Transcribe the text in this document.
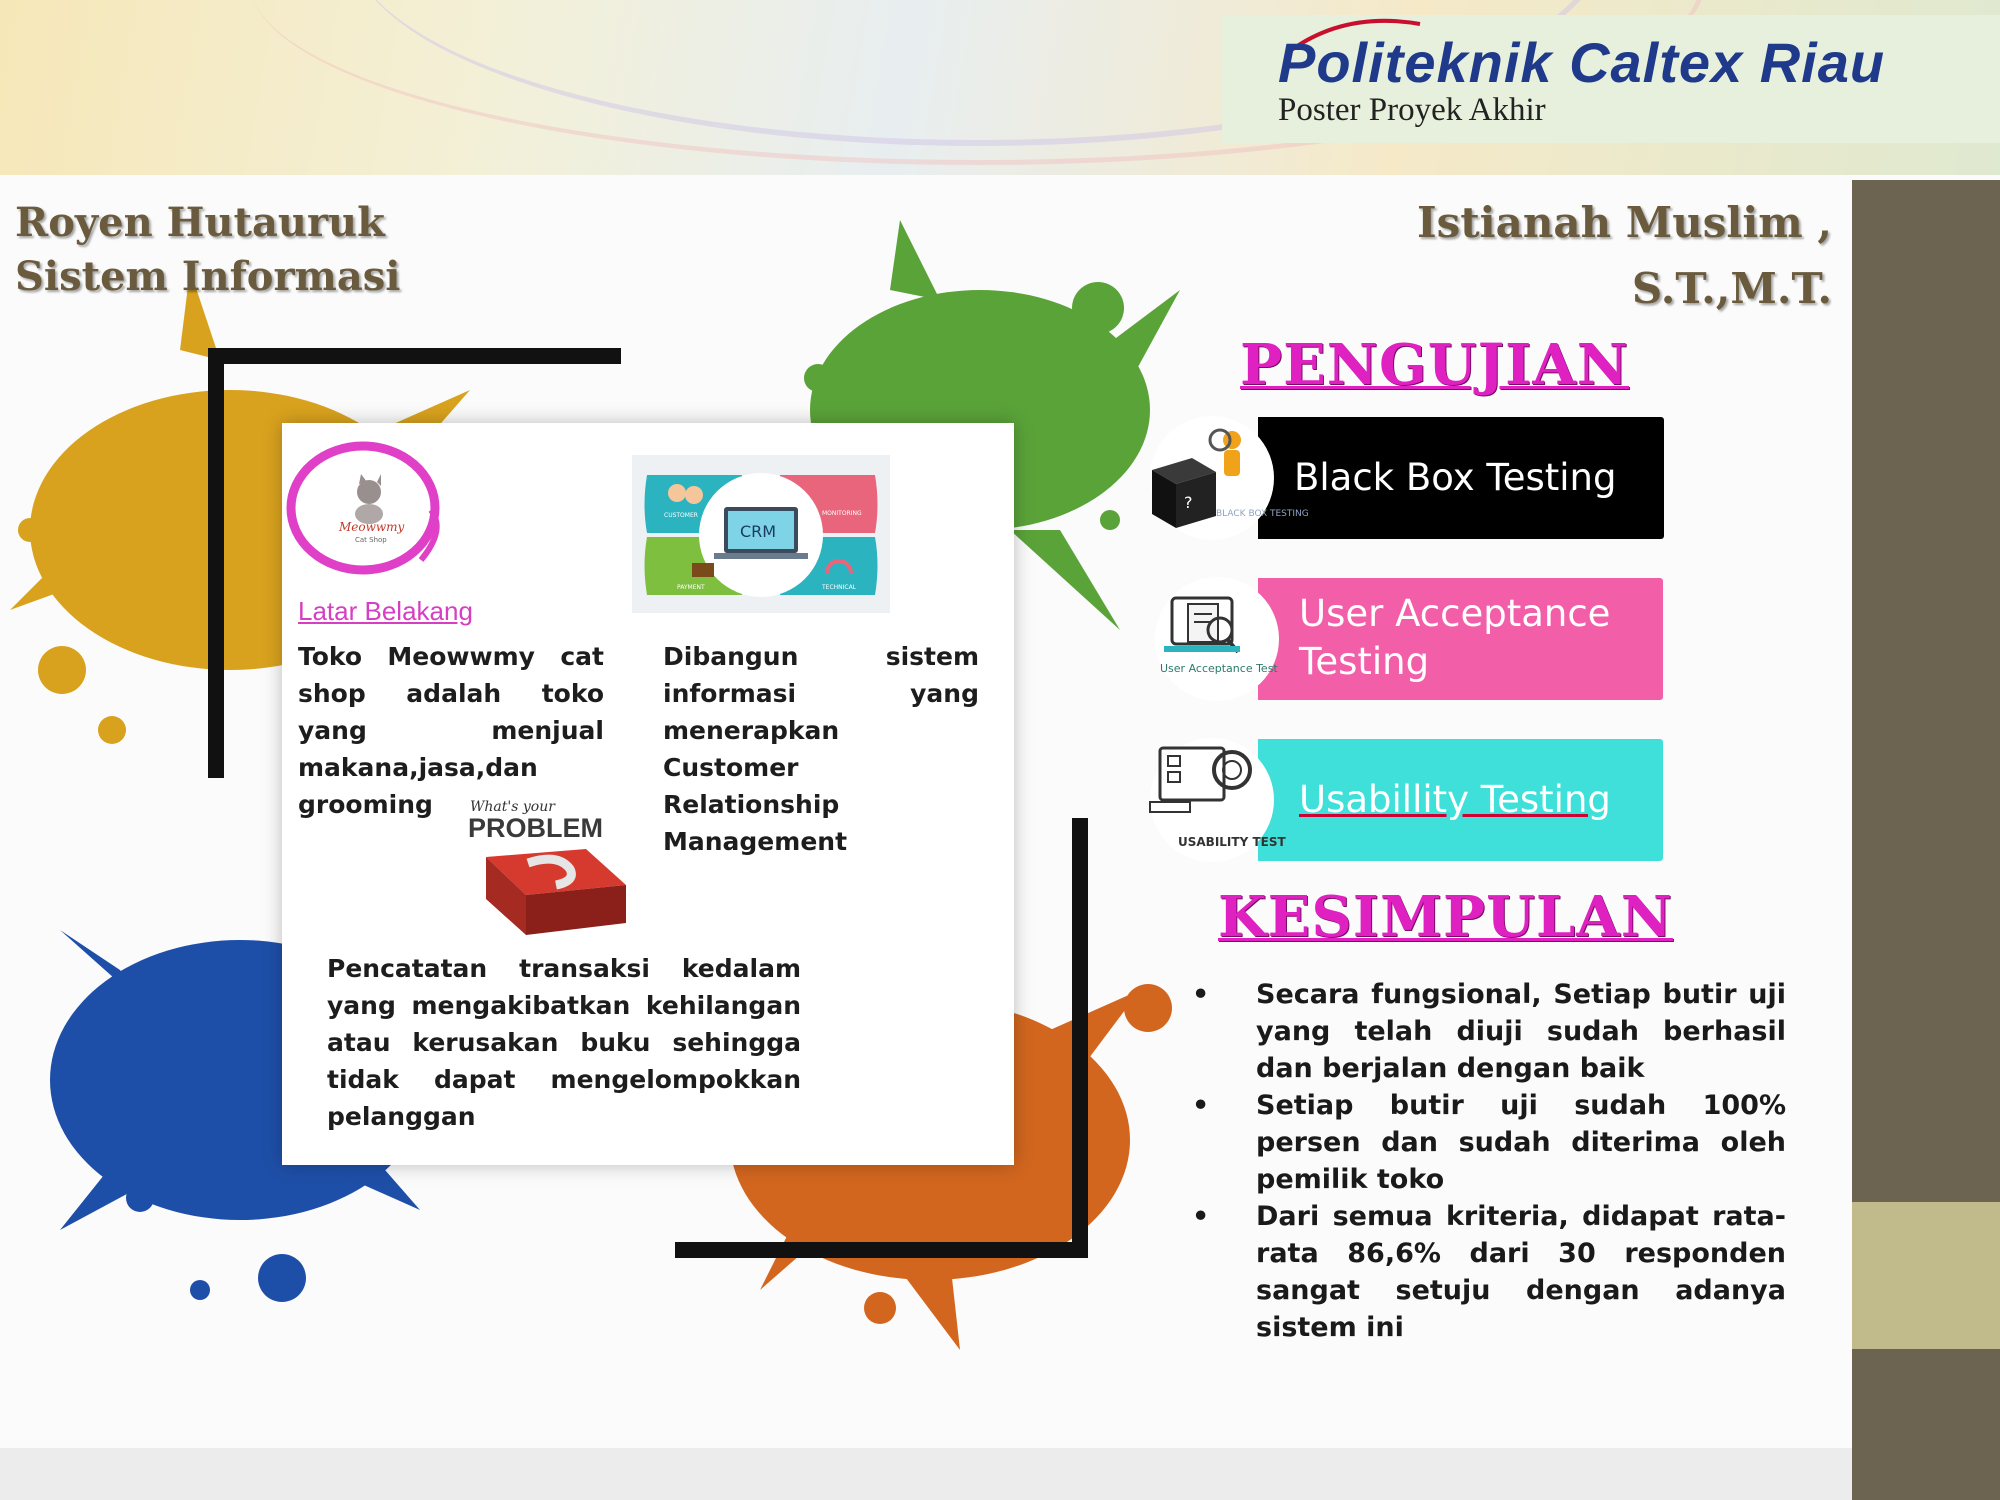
Politeknik Caltex Riau
Poster Proyek Akhir
Royen Hutauruk
Sistem Informasi
Istianah Muslim ,
S.T.,M.T.
Meowwmy
Cat Shop	CRM
CUSTOMER	MONITORING
PAYMENT	TECHNICAL
Latar Belakang
Toko Meowwmy cat shop adalah toko yang menjual makana,jasa,dan grooming
Dibangun sistem informasi yang menerapkan Customer Relationship Management
What's your
PROBLEM
Pencatatan transaksi kedalam yang mengakibatkan kehilangan atau kerusakan buku sehingga tidak dapat mengelompokkan pelanggan
PENGUJIAN
?
BLACK BOX TESTING
Black Box Testing
User Acceptance Test
User Acceptance
Testing
USABILITY TEST
Usabillity Testing
KESIMPULAN
• Secara fungsional, Setiap butir uji yang telah diuji sudah berhasil dan berjalan dengan baik
• Setiap butir uji sudah 100% persen dan sudah diterima oleh pemilik toko
• Dari semua kriteria, didapat rata-rata 86,6% dari 30 responden sangat setuju dengan adanya sistem ini
